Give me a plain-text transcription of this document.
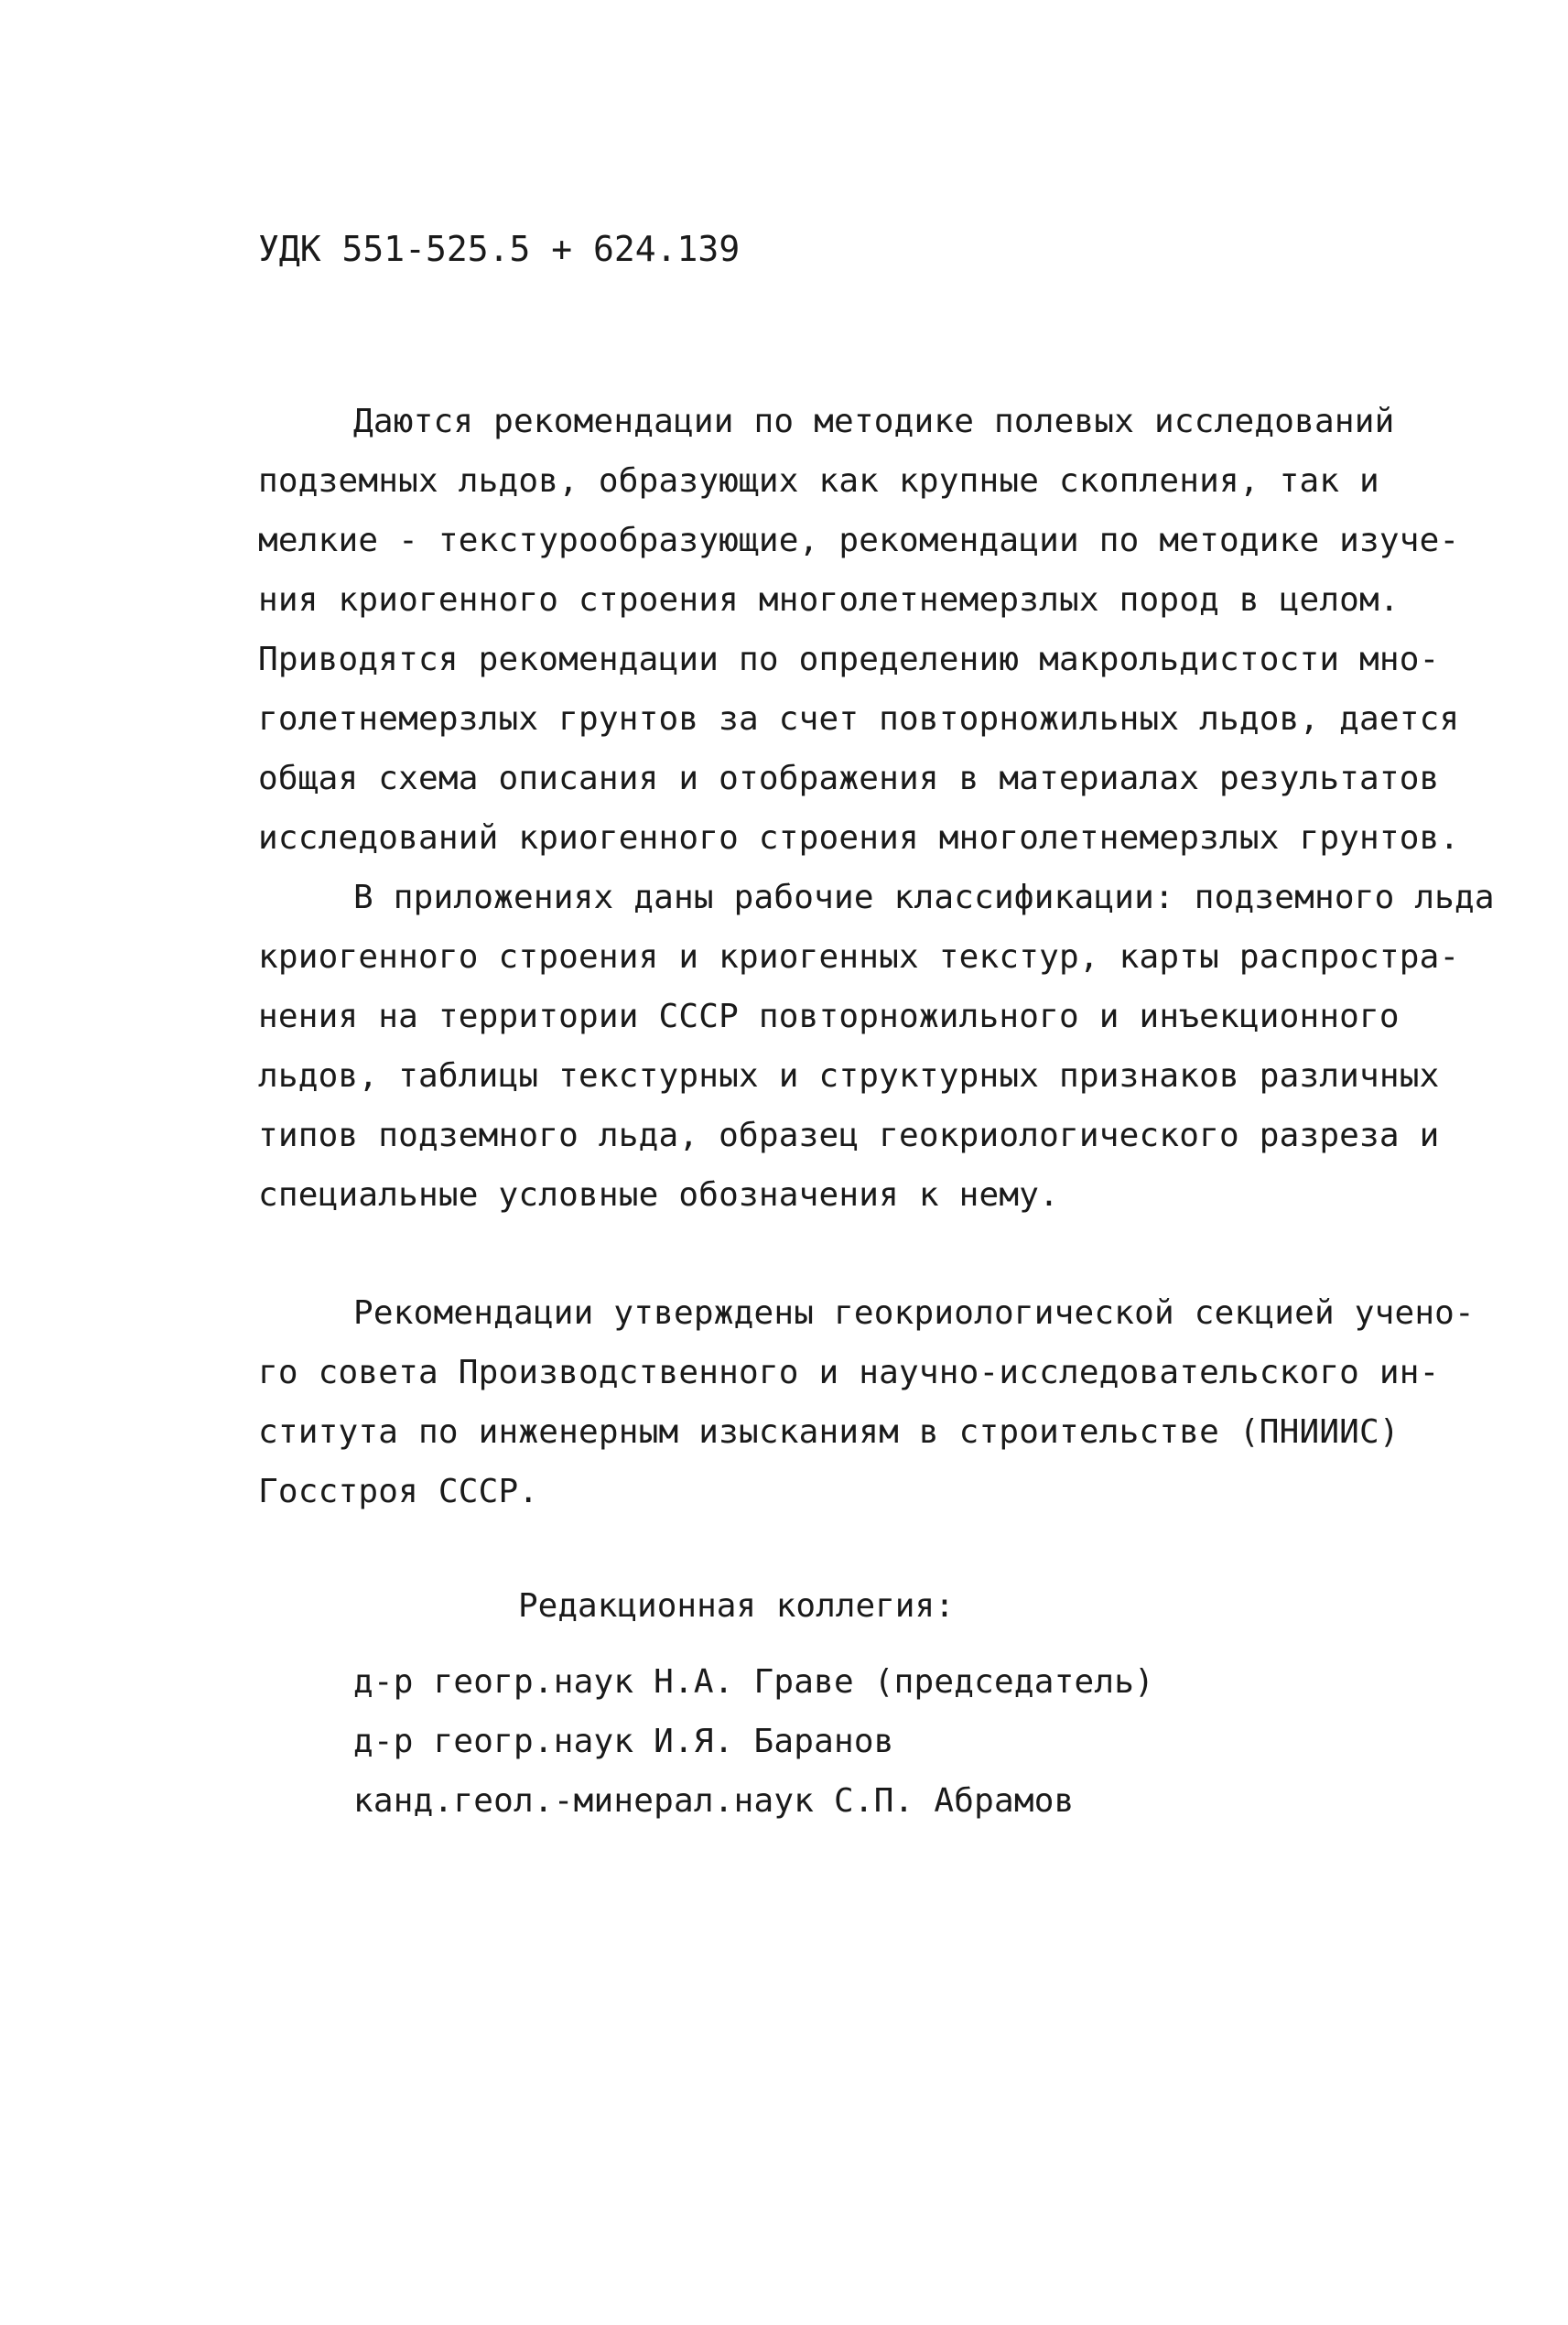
УДК 551-525.5 + 624.139
Даются рекомендации по методике полевых исследований
подземных льдов, образующих как крупные скопления, так и
мелкие - текстурообразующие, рекомендации по методике изуче-
ния криогенного строения многолетнемерзлых пород в целом.
Приводятся рекомендации по определению макрольдистости мно-
голетнемерзлых грунтов за счет повторножильных льдов, дается
общая схема описания и отображения в материалах результатов
исследований криогенного строения многолетнемерзлых грунтов.
В приложениях даны рабочие классификации: подземного льда
криогенного строения и криогенных текстур, карты распростра-
нения на территории СССР повторножильного и инъекционного
льдов, таблицы текстурных и структурных признаков различных
типов подземного льда, образец геокриологического разреза и
специальные условные обозначения к нему.
Рекомендации утверждены геокриологической секцией учено-
го совета Производственного и научно-исследовательского ин-
ститута по инженерным изысканиям в строительстве (ПНИИИС)
Госстроя СССР.
Редакционная коллегия:
д-р геогр.наук Н.А. Граве (председатель)
д-р геогр.наук И.Я. Баранов
канд.геол.-минерал.наук С.П. Абрамов
